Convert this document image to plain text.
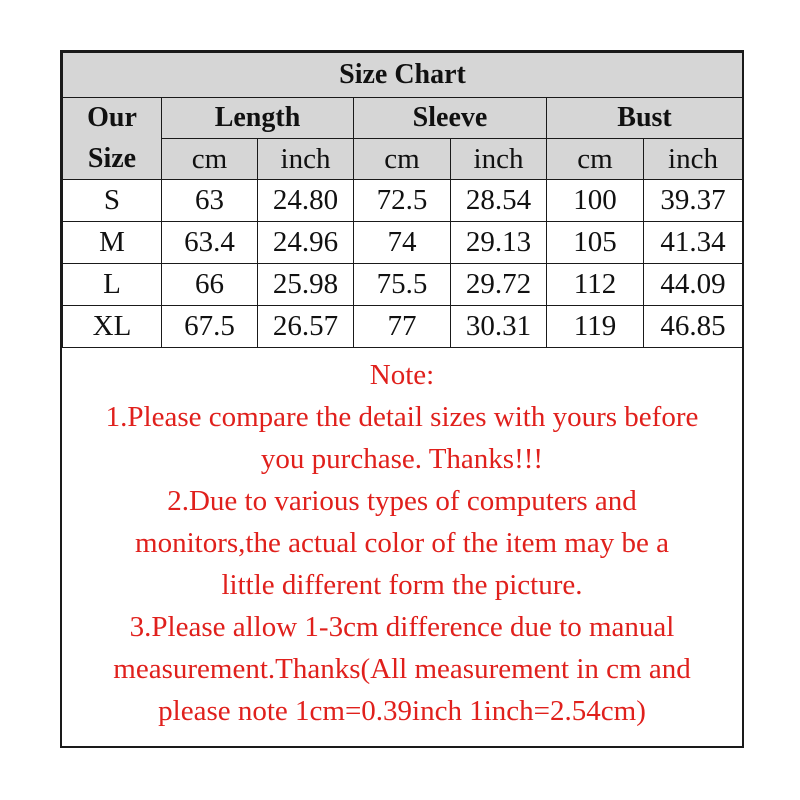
Size Chart						
Our	Length		Sleeve		Bust	
Size	cm	inch	cm	inch	cm	inch
S	63	24.80	72.5	28.54	100	39.37
M	63.4	24.96	74	29.13	105	41.34
L	66	25.98	75.5	29.72	112	44.09
XL	67.5	26.57	77	30.31	119	46.85
Note:
1.Please compare the detail sizes with yours before
you purchase. Thanks!!!
2.Due to various types of computers and
monitors,the actual color of the item may be a
little different form the picture.
3.Please allow 1-3cm difference due to manual
measurement.Thanks(All measurement in cm and
please note 1cm=0.39inch 1inch=2.54cm)
